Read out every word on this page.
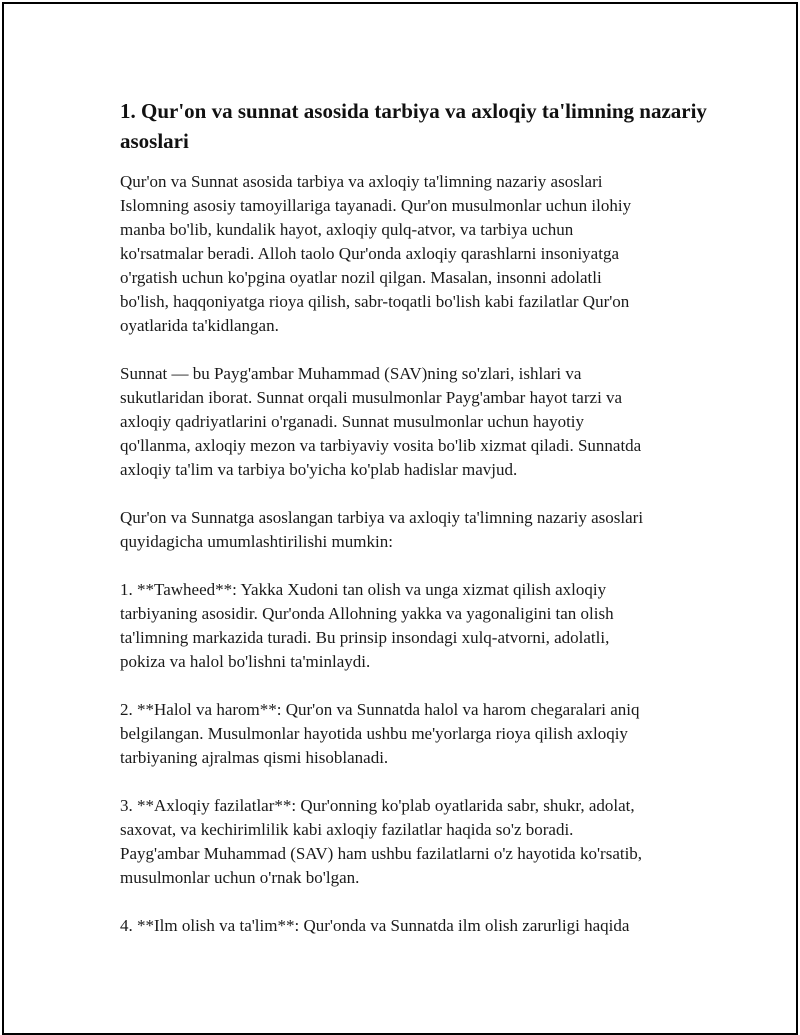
1. Qur'on va sunnat asosida tarbiya va axloqiy ta'limning nazariy asoslari

Qur'on va Sunnat asosida tarbiya va axloqiy ta'limning nazariy asoslari
Islomning asosiy tamoyillariga tayanadi. Qur'on musulmonlar uchun ilohiy
manba bo'lib, kundalik hayot, axloqiy qulq-atvor, va tarbiya uchun
ko'rsatmalar beradi. Alloh taolo Qur'onda axloqiy qarashlarni insoniyatga
o'rgatish uchun ko'pgina oyatlar nozil qilgan. Masalan, insonni adolatli
bo'lish, haqqoniyatga rioya qilish, sabr-toqatli bo'lish kabi fazilatlar Qur'on
oyatlarida ta'kidlangan.

Sunnat — bu Payg'ambar Muhammad (SAV)ning so'zlari, ishlari va
sukutlaridan iborat. Sunnat orqali musulmonlar Payg'ambar hayot tarzi va
axloqiy qadriyatlarini o'rganadi. Sunnat musulmonlar uchun hayotiy
qo'llanma, axloqiy mezon va tarbiyaviy vosita bo'lib xizmat qiladi. Sunnatda
axloqiy ta'lim va tarbiya bo'yicha ko'plab hadislar mavjud.

Qur'on va Sunnatga asoslangan tarbiya va axloqiy ta'limning nazariy asoslari
quyidagicha umumlashtirilishi mumkin:

1. **Tawheed**: Yakka Xudoni tan olish va unga xizmat qilish axloqiy
tarbiyaning asosidir. Qur'onda Allohning yakka va yagonaligini tan olish
ta'limning markazida turadi. Bu prinsip insondagi xulq-atvorni, adolatli,
pokiza va halol bo'lishni ta'minlaydi.

2. **Halol va harom**: Qur'on va Sunnatda halol va harom chegaralari aniq
belgilangan. Musulmonlar hayotida ushbu me'yorlarga rioya qilish axloqiy
tarbiyaning ajralmas qismi hisoblanadi.

3. **Axloqiy fazilatlar**: Qur'onning ko'plab oyatlarida sabr, shukr, adolat,
saxovat, va kechirimlilik kabi axloqiy fazilatlar haqida so'z boradi.
Payg'ambar Muhammad (SAV) ham ushbu fazilatlarni o'z hayotida ko'rsatib,
musulmonlar uchun o'rnak bo'lgan.

4. **Ilm olish va ta'lim**: Qur'onda va Sunnatda ilm olish zarurligi haqida
